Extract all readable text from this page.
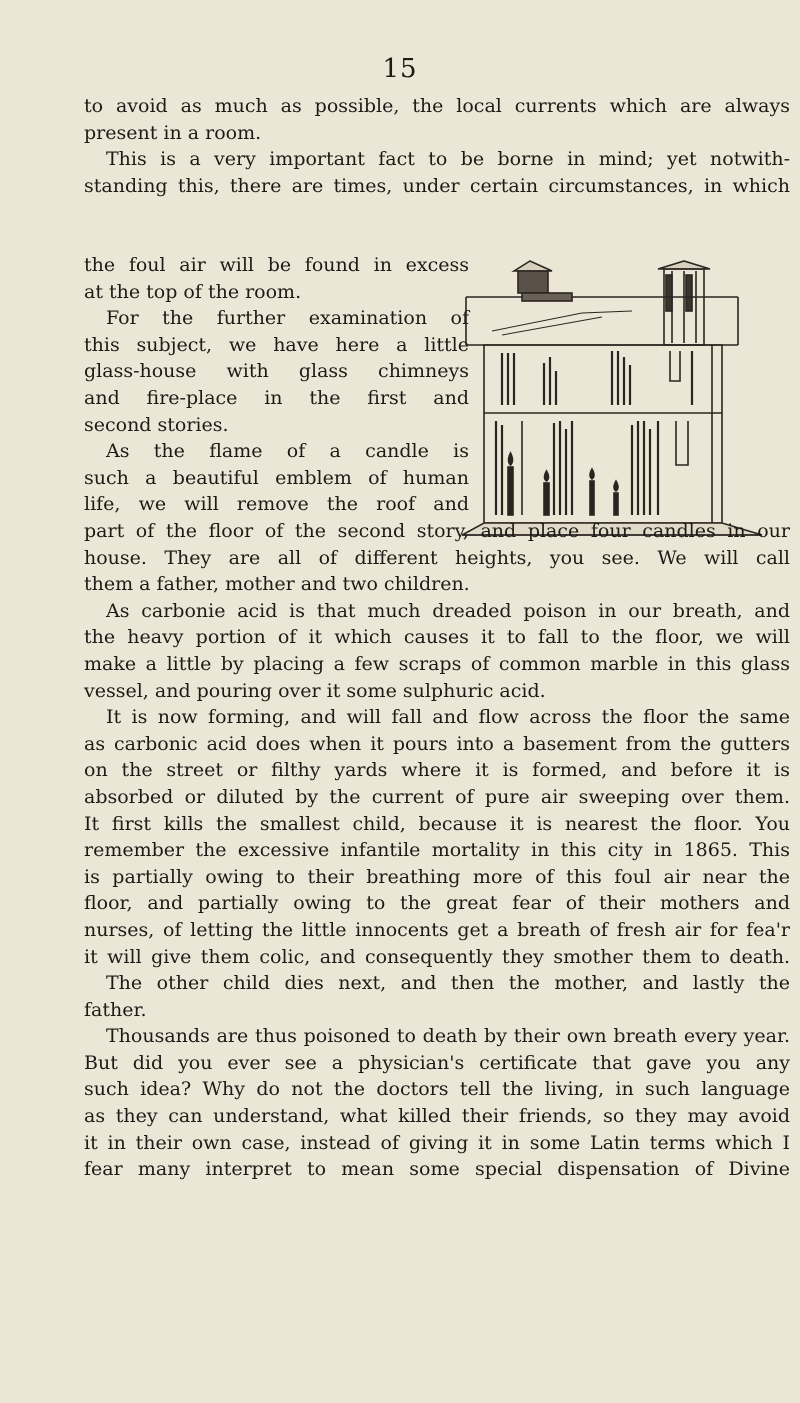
15
to avoid as much as possible, the local currents which are always
present in a room.
This is a very important fact to be borne in mind; yet notwith-
standing this, there are times, under certain circumstances, in which
the foul air will be found in excess
at the top of the room.
For the further examination of
this subject, we have here a little
glass-house with glass chimneys
and fire-place in the first and
second stories.
As the flame of a candle is
such a beautiful emblem of human
life, we will remove the roof and
part of the floor of the second story, and place four candles in our
house. They are all of different heights, you see. We will call
them a father, mother and two children.
As carbonie acid is that much dreaded poison in our breath, and
the heavy portion of it which causes it to fall to the floor, we will
make a little by placing a few scraps of common marble in this glass
vessel, and pouring over it some sulphuric acid.
It is now forming, and will fall and flow across the floor the same
as carbonic acid does when it pours into a basement from the gutters
on the street or filthy yards where it is formed, and before it is
absorbed or diluted by the current of pure air sweeping over them.
It first kills the smallest child, because it is nearest the floor. You
remember the excessive infantile mortality in this city in 1865. This
is partially owing to their breathing more of this foul air near the
floor, and partially owing to the great fear of their mothers and
nurses, of letting the little innocents get a breath of fresh air for fea'r
it will give them colic, and consequently they smother them to death.
The other child dies next, and then the mother, and lastly the
father.
Thousands are thus poisoned to death by their own breath every year.
But did you ever see a physician's certificate that gave you any
such idea? Why do not the doctors tell the living, in such language
as they can understand, what killed their friends, so they may avoid
it in their own case, instead of giving it in some Latin terms which I
fear many interpret to mean some special dispensation of Divine
